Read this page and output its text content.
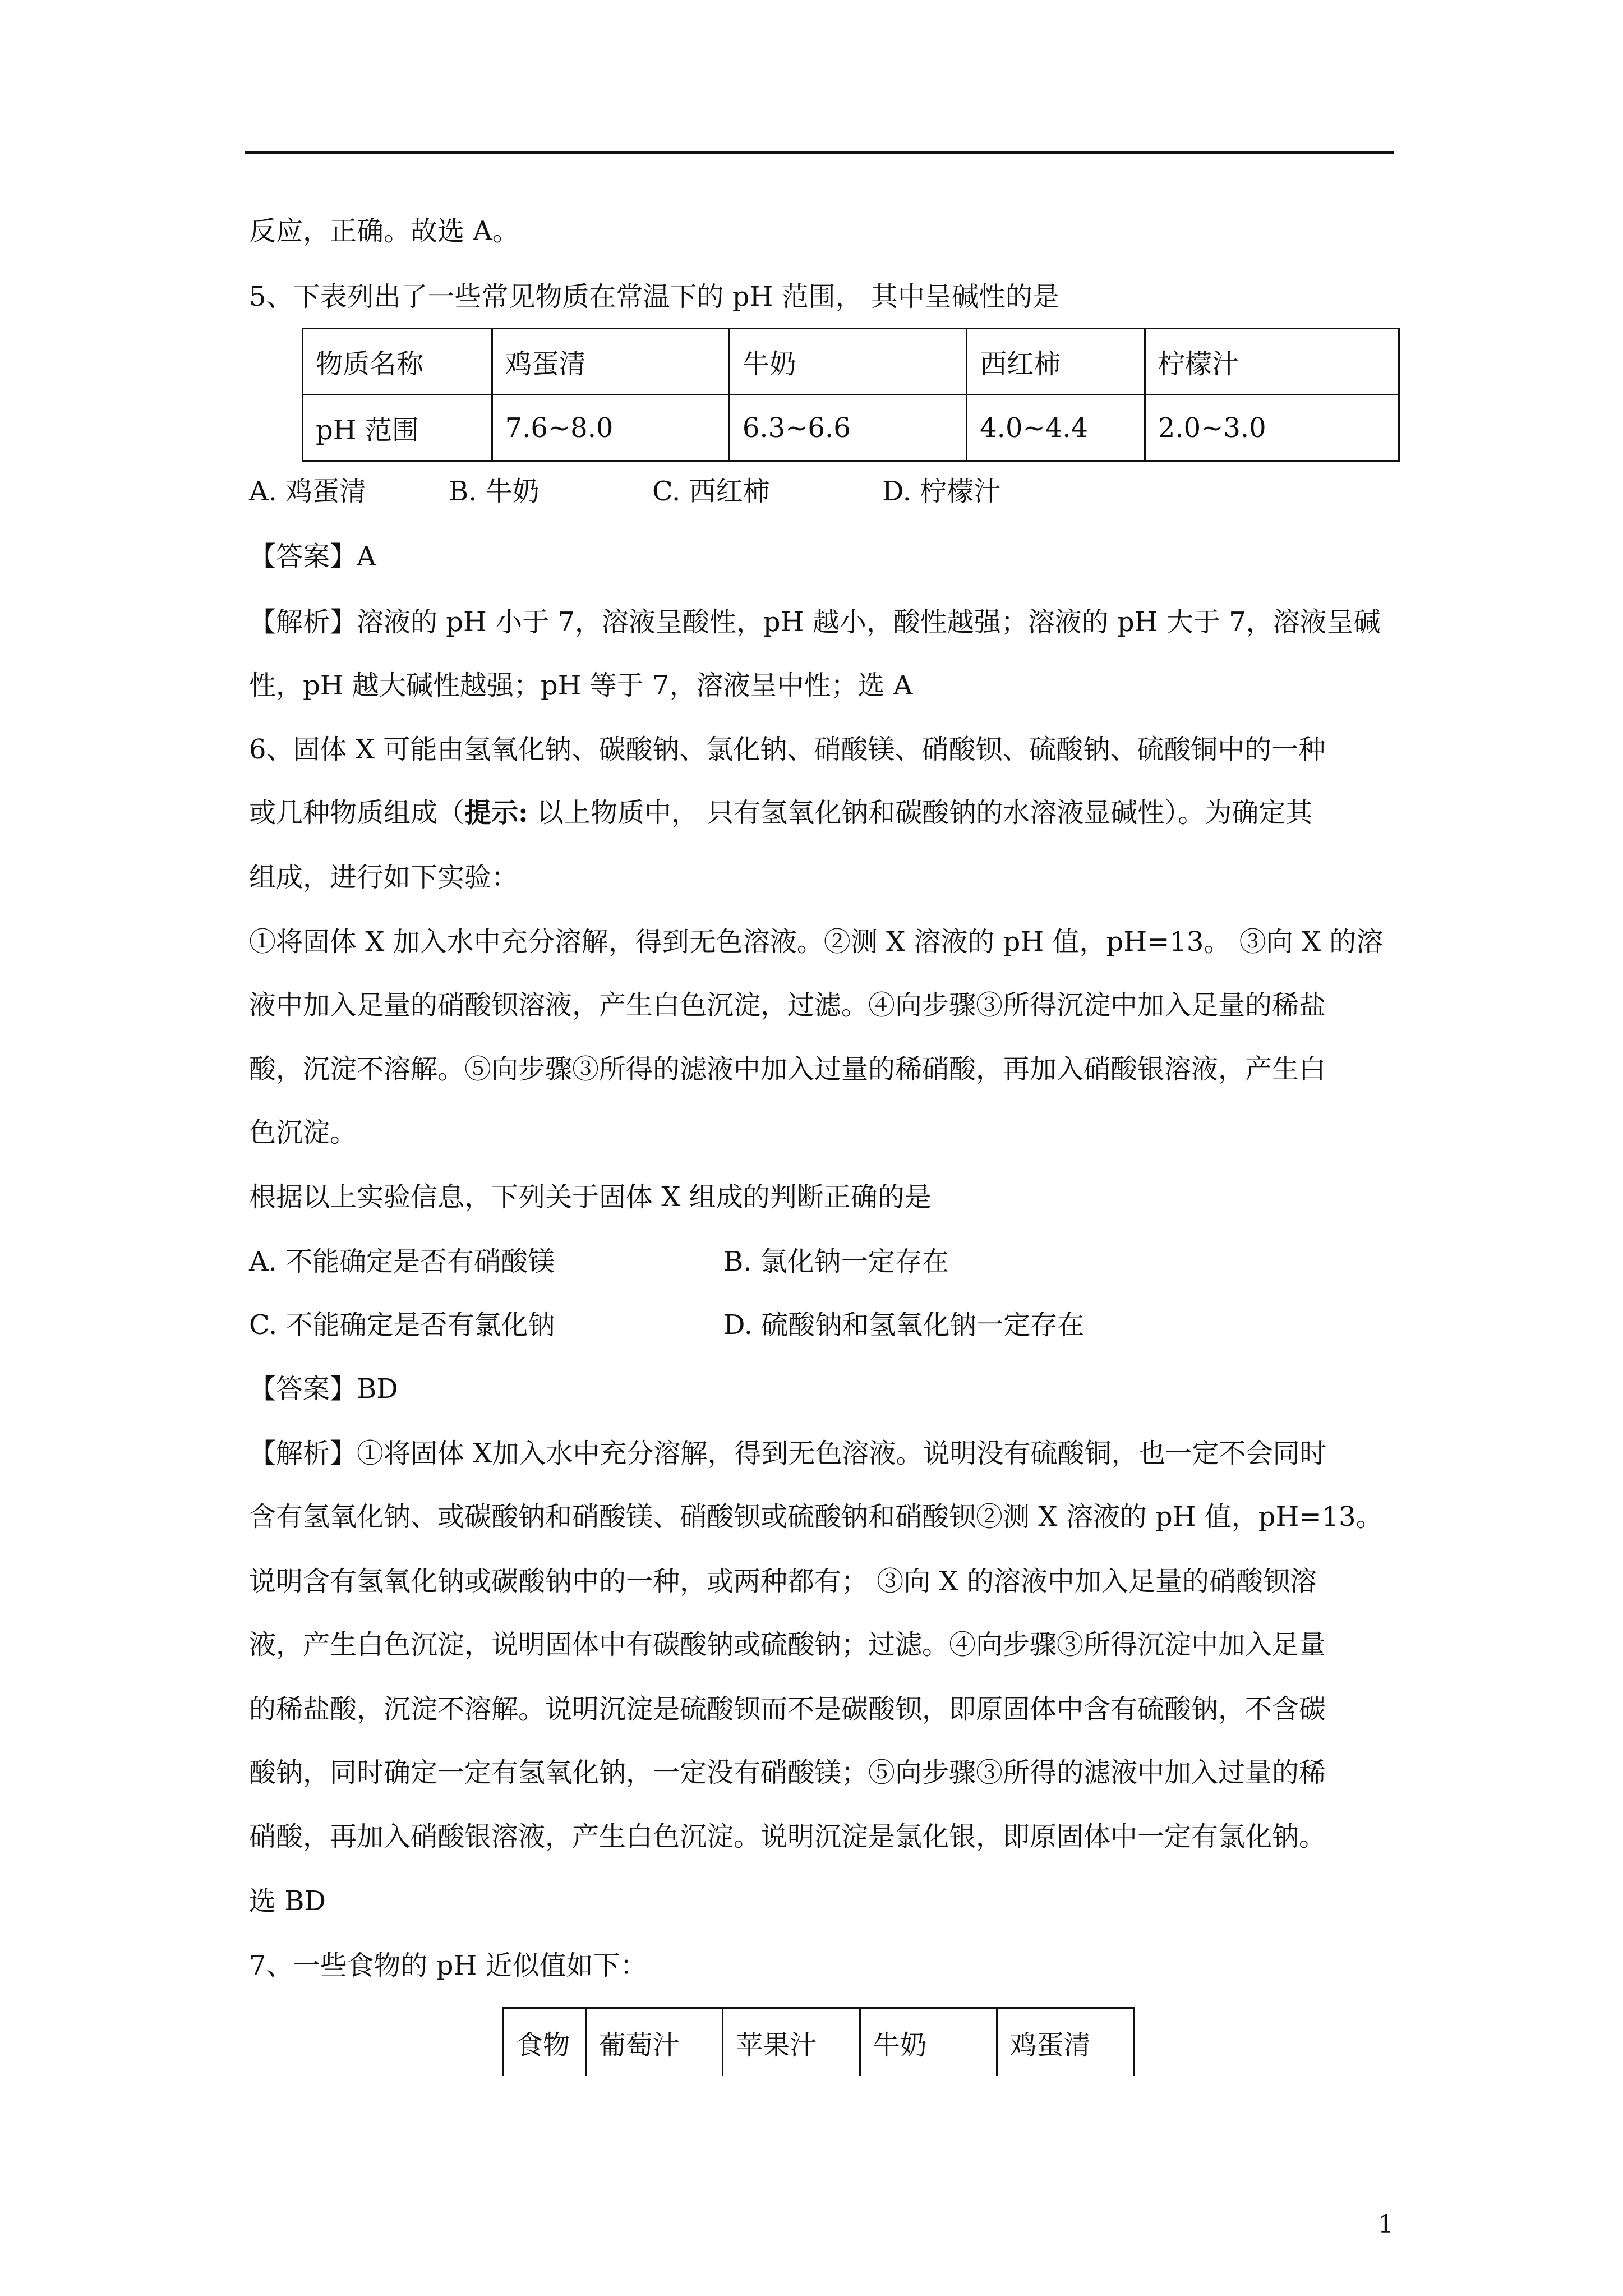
反应，正确。故选 A。
5、下表列出了一些常见物质在常温下的 pH 范围， 其中呈碱性的是
物质名称	鸡蛋清	牛奶	西红柿	柠檬汁
pH 范围	7.6~8.0	6.3~6.6	4.0~4.4	2.0~3.0
A. 鸡蛋清	B. 牛奶	C. 西红柿	D. 柠檬汁
【答案】A
【解析】溶液的 pH 小于 7，溶液呈酸性，pH 越小，酸性越强；溶液的 pH 大于 7，溶液呈碱
性，pH 越大碱性越强；pH 等于 7，溶液呈中性；选 A
6、固体 X 可能由氢氧化钠、碳酸钠、氯化钠、硝酸镁、硝酸钡、硫酸钠、硫酸铜中的一种
或几种物质组成（提示: 以上物质中， 只有氢氧化钠和碳酸钠的水溶液显碱性）。为确定其
组成，进行如下实验：
①将固体 X 加入水中充分溶解，得到无色溶液。②测 X 溶液的 pH 值，pH=13。 ③向 X 的溶
液中加入足量的硝酸钡溶液，产生白色沉淀，过滤。④向步骤③所得沉淀中加入足量的稀盐
酸，沉淀不溶解。⑤向步骤③所得的滤液中加入过量的稀硝酸，再加入硝酸银溶液，产生白
色沉淀。
根据以上实验信息，下列关于固体 X 组成的判断正确的是
A. 不能确定是否有硝酸镁	B. 氯化钠一定存在
C. 不能确定是否有氯化钠	D. 硫酸钠和氢氧化钠一定存在
【答案】BD
【解析】①将固体 X加入水中充分溶解，得到无色溶液。说明没有硫酸铜，也一定不会同时
含有氢氧化钠、或碳酸钠和硝酸镁、硝酸钡或硫酸钠和硝酸钡②测 X 溶液的 pH 值，pH=13。
说明含有氢氧化钠或碳酸钠中的一种，或两种都有； ③向 X 的溶液中加入足量的硝酸钡溶
液，产生白色沉淀，说明固体中有碳酸钠或硫酸钠；过滤。④向步骤③所得沉淀中加入足量
的稀盐酸，沉淀不溶解。说明沉淀是硫酸钡而不是碳酸钡，即原固体中含有硫酸钠，不含碳
酸钠，同时确定一定有氢氧化钠，一定没有硝酸镁；⑤向步骤③所得的滤液中加入过量的稀
硝酸，再加入硝酸银溶液，产生白色沉淀。说明沉淀是氯化银，即原固体中一定有氯化钠。
选 BD
7、一些食物的 pH 近似值如下：
食物	葡萄汁	苹果汁	牛奶	鸡蛋清
1
